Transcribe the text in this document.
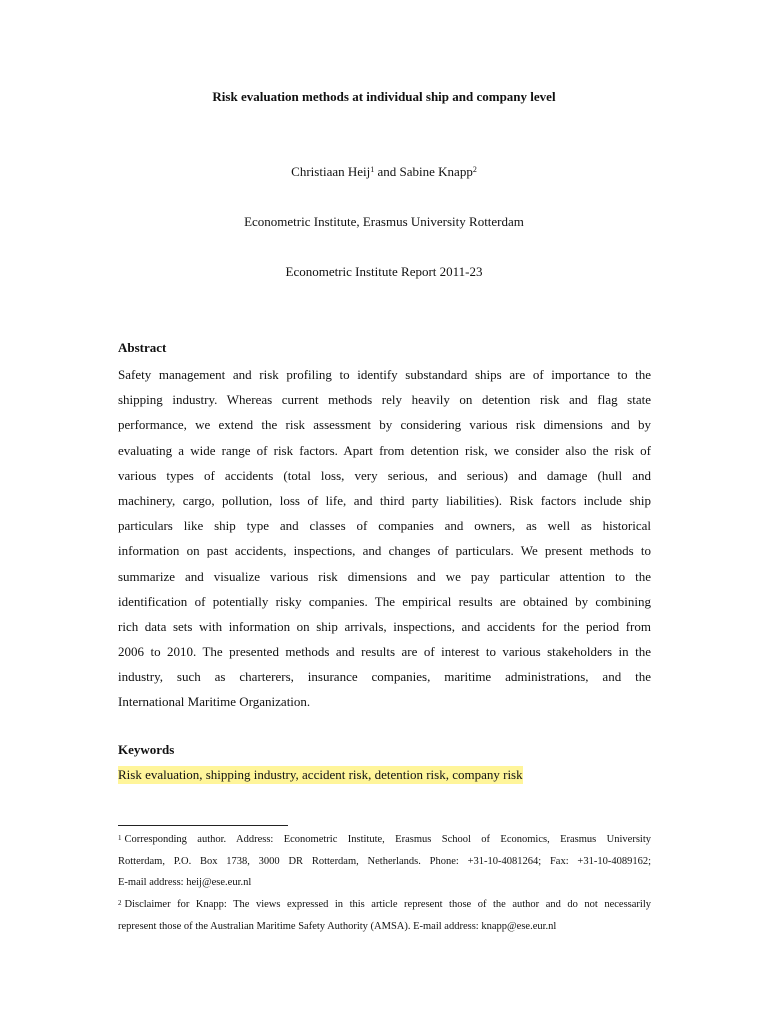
Risk evaluation methods at individual ship and company level
Christiaan Heij$^1$ and Sabine Knapp$^2$
Econometric Institute, Erasmus University Rotterdam
Econometric Institute Report 2011-23
Abstract
Safety management and risk profiling to identify substandard ships are of importance to the
shipping industry. Whereas current methods rely heavily on detention risk and flag state
performance, we extend the risk assessment by considering various risk dimensions and by
evaluating a wide range of risk factors. Apart from detention risk, we consider also the risk of
various types of accidents (total loss, very serious, and serious) and damage (hull and
machinery, cargo, pollution, loss of life, and third party liabilities). Risk factors include ship
particulars like ship type and classes of companies and owners, as well as historical
information on past accidents, inspections, and changes of particulars. We present methods to
summarize and visualize various risk dimensions and we pay particular attention to the
identification of potentially risky companies. The empirical results are obtained by combining
rich data sets with information on ship arrivals, inspections, and accidents for the period from
2006 to 2010. The presented methods and results are of interest to various stakeholders in the
industry, such as charterers, insurance companies, maritime administrations, and the
International Maritime Organization.
Keywords
Risk evaluation, shipping industry, accident risk, detention risk, company risk
$^1$ Corresponding author. Address: Econometric Institute, Erasmus School of Economics, Erasmus University
Rotterdam, P.O. Box 1738, 3000 DR Rotterdam, Netherlands. Phone: +31-10-4081264; Fax: +31-10-4089162;
E-mail address: heij@ese.eur.nl
$^2$ Disclaimer for Knapp: The views expressed in this article represent those of the author and do not necessarily
represent those of the Australian Maritime Safety Authority (AMSA). E-mail address: knapp@ese.eur.nl
